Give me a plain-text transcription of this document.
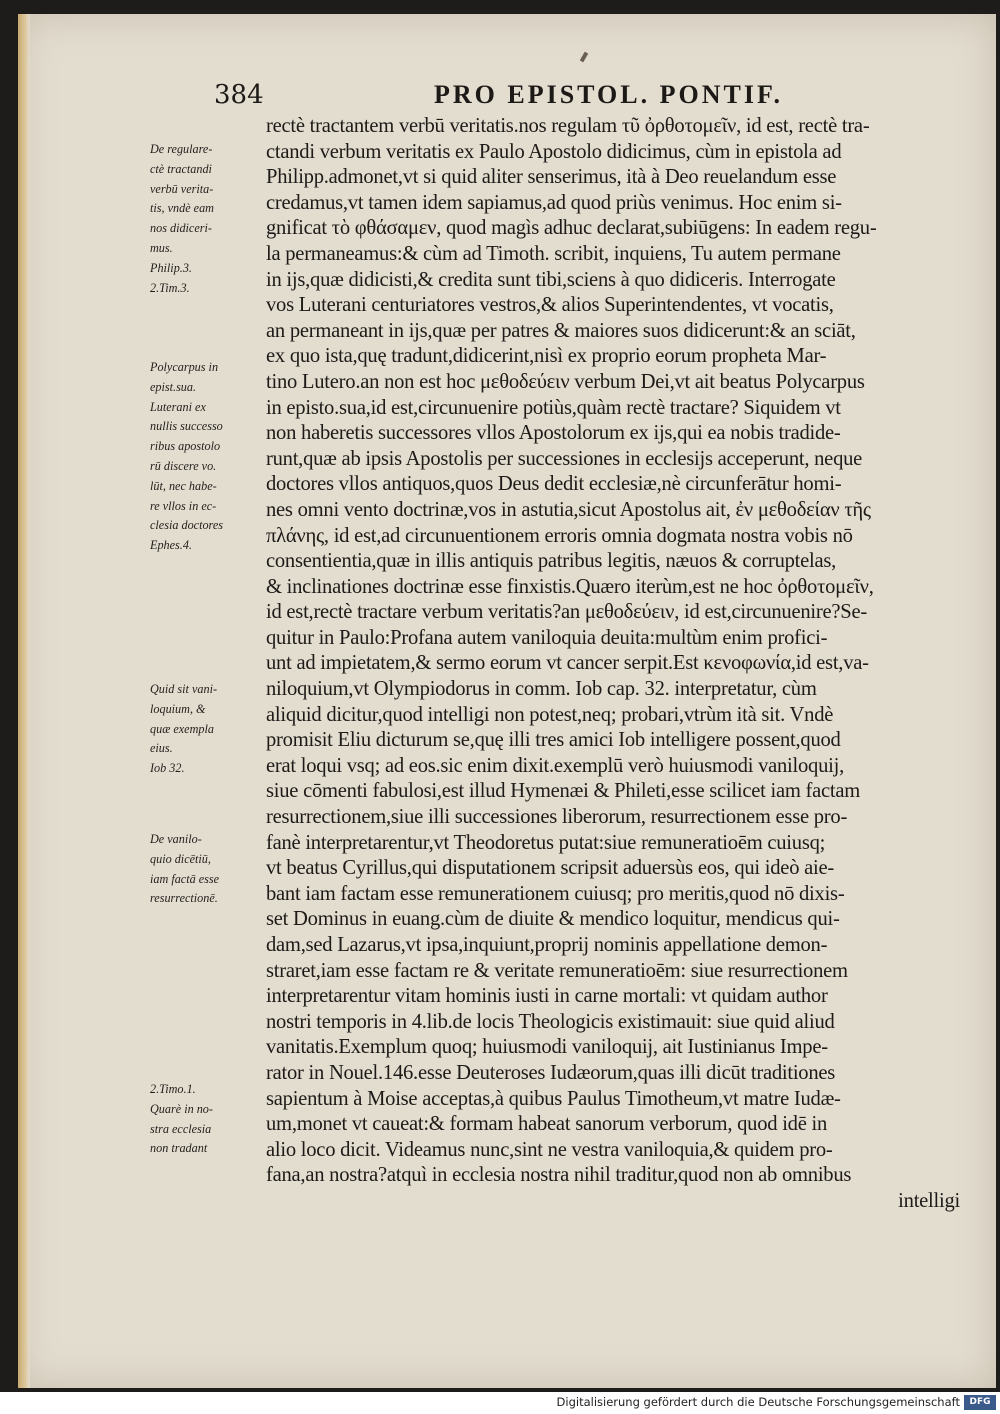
384	PRO EPISTOL. PONTIF.
De regulare-
ctè tractandi
verbū verita-
tis, vndè eam
nos didiceri-
mus.
Philip.3.
2.Tim.3.
Polycarpus in
epist.sua.
Luterani ex
nullis successo
ribus apostolo
rū discere vo.
lūt, nec habe-
re vllos in ec-
clesia doctores
Ephes.4.
Quid sit vani-
loquium, &
quæ exempla
eius.
Iob 32.
De vanilo-
quio dicētiū,
iam factā esse
resurrectionē.
2.Timo.1.
Quarè in no-
stra ecclesia
non tradant
rectè tractantem verbū veritatis.nos regulam τῦ ὀρθοτομεῖν, id est, rectè tra-
ctandi verbum veritatis ex Paulo Apostolo didicimus, cùm in epistola ad
Philipp.admonet,vt si quid aliter senserimus, ità à Deo reuelandum esse
credamus,vt tamen idem sapiamus,ad quod priùs venimus. Hoc enim si-
gnificat τὸ φθάσαμεν, quod magìs adhuc declarat,subiūgens: In eadem regu-
la permaneamus:& cùm ad Timoth. scribit, inquiens, Tu autem permane
in ijs,quæ didicisti,& credita sunt tibi,sciens à quo didiceris. Interrogate
vos Luterani centuriatores vestros,& alios Superintendentes, vt vocatis,
an permaneant in ijs,quæ per patres & maiores suos didicerunt:& an sciāt,
ex quo ista,quę tradunt,didicerint,nisì ex proprio eorum propheta Mar-
tino Lutero.an non est hoc μεθοδεύειν verbum Dei,vt ait beatus Polycarpus
in episto.sua,id est,circunuenire potiùs,quàm rectè tractare? Siquidem vt
non haberetis successores vllos Apostolorum ex ijs,qui ea nobis tradide-
runt,quæ ab ipsis Apostolis per successiones in ecclesijs acceperunt, neque
doctores vllos antiquos,quos Deus dedit ecclesiæ,nè circunferātur homi-
nes omni vento doctrinæ,vos in astutia,sicut Apostolus ait, ἐν μεθοδείαν τῆς
πλάνης, id est,ad circunuentionem erroris omnia dogmata nostra vobis nō
consentientia,quæ in illis antiquis patribus legitis, næuos & corruptelas,
& inclinationes doctrinæ esse finxistis.Quæro iterùm,est ne hoc ὀρθοτομεῖν,
id est,rectè tractare verbum veritatis?an μεθοδεύειν, id est,circunuenire?Se-
quitur in Paulo:Profana autem vaniloquia deuita:multùm enim profici-
unt ad impietatem,& sermo eorum vt cancer serpit.Est κενοφωνία,id est,va-
niloquium,vt Olympiodorus in comm. Iob cap. 32. interpretatur, cùm
aliquid dicitur,quod intelligi non potest,neq; probari,vtrùm ità sit. Vndè
promisit Eliu dicturum se,quę illi tres amici Iob intelligere possent,quod
erat loqui vsq; ad eos.sic enim dixit.exemplū verò huiusmodi vaniloquij,
siue cōmenti fabulosi,est illud Hymenæi & Phileti,esse scilicet iam factam
resurrectionem,siue illi successiones liberorum, resurrectionem esse pro-
fanè interpretarentur,vt Theodoretus putat:siue remuneratioēm cuiusq;
vt beatus Cyrillus,qui disputationem scripsit aduersùs eos, qui ideò aie-
bant iam factam esse remunerationem cuiusq; pro meritis,quod nō dixis-
set Dominus in euang.cùm de diuite & mendico loquitur, mendicus qui-
dam,sed Lazarus,vt ipsa,inquiunt,proprij nominis appellatione demon-
straret,iam esse factam re & veritate remuneratioēm: siue resurrectionem
interpretarentur vitam hominis iusti in carne mortali: vt quidam author
nostri temporis in 4.lib.de locis Theologicis existimauit: siue quid aliud
vanitatis.Exemplum quoq; huiusmodi vaniloquij, ait Iustinianus Impe-
rator in Nouel.146.esse Deuteroses Iudæorum,quas illi dicūt traditiones
sapientum à Moise acceptas,à quibus Paulus Timotheum,vt matre Iudæ-
um,monet vt caueat:& formam habeat sanorum verborum, quod idē in
alio loco dicit. Videamus nunc,sint ne vestra vaniloquia,& quidem pro-
fana,an nostra?atquì in ecclesia nostra nihil traditur,quod non ab omnibus
intelligi
Digitalisierung gefördert durch die Deutsche Forschungsgemeinschaft	DFG
